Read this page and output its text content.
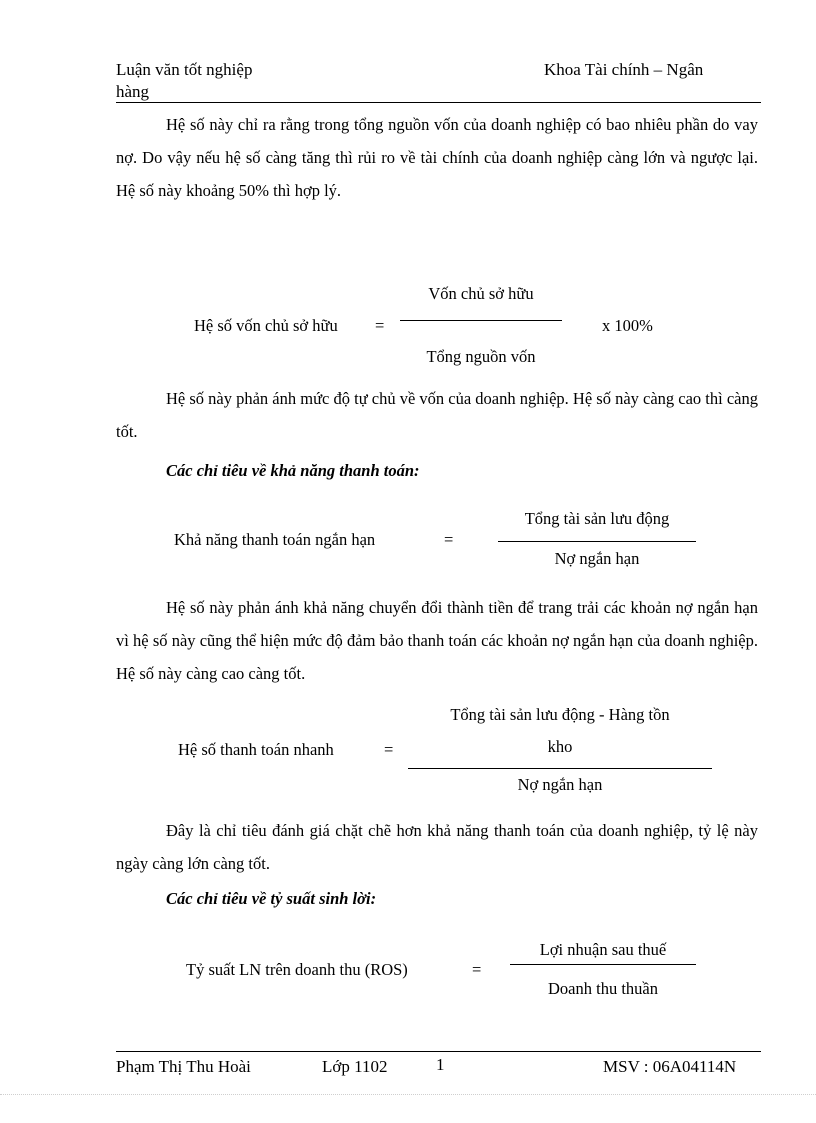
Luận văn tốt nghiệp
hàng
Khoa Tài chính – Ngân
Hệ số này chỉ ra rằng trong tổng nguồn vốn của doanh nghiệp có bao nhiêu phần do vay nợ. Do vậy nếu hệ số càng tăng thì rủi ro về tài chính của doanh nghiệp càng lớn và ngược lại. Hệ số này khoảng 50% thì hợp lý.
Hệ số vốn chủ sở hữu =
Vốn chủ sở hữu
Tổng nguồn vốn
x 100%
Hệ số này phản ánh mức độ tự chủ về vốn của doanh nghiệp. Hệ số này càng cao thì càng tốt.
Các chỉ tiêu về khả năng thanh toán:
Khả năng thanh toán ngắn hạn	=
Tổng tài sản lưu động
Nợ ngắn hạn
Hệ số này phản ánh khả năng chuyển đổi thành tiền để trang trải các khoản nợ ngắn hạn vì hệ số này cũng thể hiện mức độ đảm bảo thanh toán các khoản nợ ngắn hạn của doanh nghiệp. Hệ số này càng cao càng tốt.
Hệ số thanh toán nhanh	=
Tổng tài sản lưu động - Hàng tồn
kho
Nợ ngắn hạn
Đây là chỉ tiêu đánh giá chặt chẽ hơn khả năng thanh toán của doanh nghiệp, tỷ lệ này ngày càng lớn càng tốt.
Các chỉ tiêu về tỷ suất sinh lời:
Tỷ suất LN trên doanh thu (ROS)	=
Lợi nhuận sau thuế
Doanh thu thuần
Phạm Thị Thu Hoài	Lớp 1102	1	MSV : 06A04114N
